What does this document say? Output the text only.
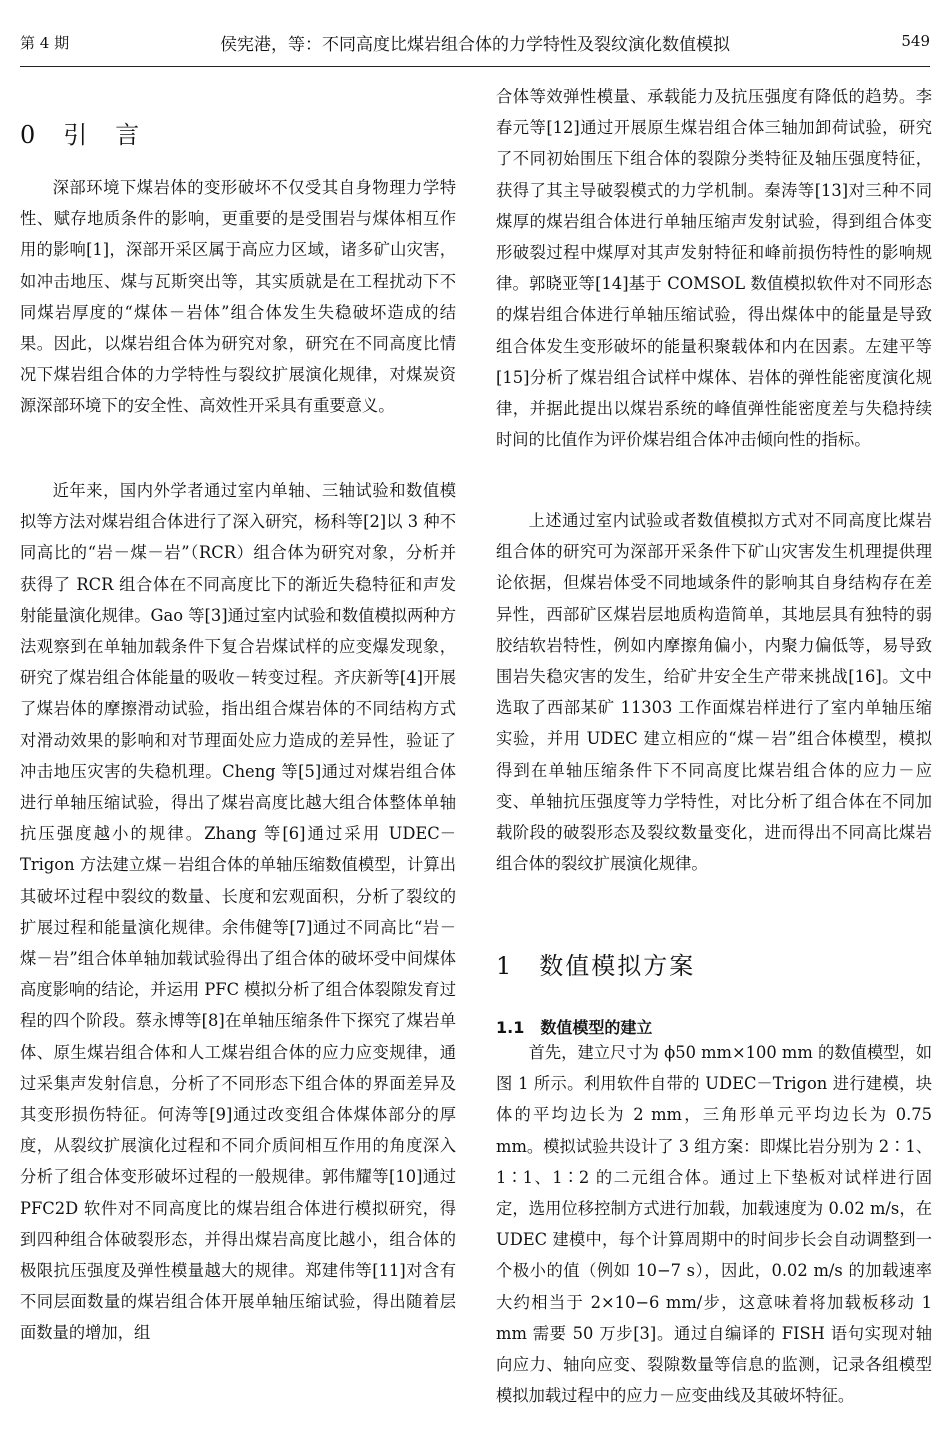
第 4 期	侯宪港，等：不同高度比煤岩组合体的力学特性及裂纹演化数值模拟	549
0　引　言

深部环境下煤岩体的变形破坏不仅受其自身物理力学特性、赋存地质条件的影响，更重要的是受围岩与煤体相互作用的影响[1]，深部开采区属于高应力区域，诸多矿山灾害，如冲击地压、煤与瓦斯突出等，其实质就是在工程扰动下不同煤岩厚度的“煤体－岩体”组合体发生失稳破坏造成的结果。因此，以煤岩组合体为研究对象，研究在不同高度比情况下煤岩组合体的力学特性与裂纹扩展演化规律，对煤炭资源深部环境下的安全性、高效性开采具有重要意义。

近年来，国内外学者通过室内单轴、三轴试验和数值模拟等方法对煤岩组合体进行了深入研究，杨科等[2]以 3 种不同高比的“岩－煤－岩”（RCR）组合体为研究对象，分析并获得了 RCR 组合体在不同高度比下的渐近失稳特征和声发射能量演化规律。Gao 等[3]通过室内试验和数值模拟两种方法观察到在单轴加载条件下复合岩煤试样的应变爆发现象，研究了煤岩组合体能量的吸收－转变过程。齐庆新等[4]开展了煤岩体的摩擦滑动试验，指出组合煤岩体的不同结构方式对滑动效果的影响和对节理面处应力造成的差异性，验证了冲击地压灾害的失稳机理。Cheng 等[5]通过对煤岩组合体进行单轴压缩试验，得出了煤岩高度比越大组合体整体单轴抗压强度越小的规律。Zhang 等[6]通过采用 UDEC－Trigon 方法建立煤－岩组合体的单轴压缩数值模型，计算出其破坏过程中裂纹的数量、长度和宏观面积，分析了裂纹的扩展过程和能量演化规律。余伟健等[7]通过不同高比“岩－煤－岩”组合体单轴加载试验得出了组合体的破坏受中间煤体高度影响的结论，并运用 PFC 模拟分析了组合体裂隙发育过程的四个阶段。蔡永博等[8]在单轴压缩条件下探究了煤岩单体、原生煤岩组合体和人工煤岩组合体的应力应变规律，通过采集声发射信息，分析了不同形态下组合体的界面差异及其变形损伤特征。何涛等[9]通过改变组合体煤体部分的厚度，从裂纹扩展演化过程和不同介质间相互作用的角度深入分析了组合体变形破坏过程的一般规律。郭伟耀等[10]通过 PFC2D 软件对不同高度比的煤岩组合体进行模拟研究，得到四种组合体破裂形态，并得出煤岩高度比越小，组合体的极限抗压强度及弹性模量越大的规律。郑建伟等[11]对含有不同层面数量的煤岩组合体开展单轴压缩试验，得出随着层面数量的增加，组

合体等效弹性模量、承载能力及抗压强度有降低的趋势。李春元等[12]通过开展原生煤岩组合体三轴加卸荷试验，研究了不同初始围压下组合体的裂隙分类特征及轴压强度特征，获得了其主导破裂模式的力学机制。秦涛等[13]对三种不同煤厚的煤岩组合体进行单轴压缩声发射试验，得到组合体变形破裂过程中煤厚对其声发射特征和峰前损伤特性的影响规律。郭晓亚等[14]基于 COMSOL 数值模拟软件对不同形态的煤岩组合体进行单轴压缩试验，得出煤体中的能量是导致组合体发生变形破坏的能量积聚载体和内在因素。左建平等[15]分析了煤岩组合试样中煤体、岩体的弹性能密度演化规律，并据此提出以煤岩系统的峰值弹性能密度差与失稳持续时间的比值作为评价煤岩组合体冲击倾向性的指标。

上述通过室内试验或者数值模拟方式对不同高度比煤岩组合体的研究可为深部开采条件下矿山灾害发生机理提供理论依据，但煤岩体受不同地域条件的影响其自身结构存在差异性，西部矿区煤岩层地质构造简单，其地层具有独特的弱胶结软岩特性，例如内摩擦角偏小，内聚力偏低等，易导致围岩失稳灾害的发生，给矿井安全生产带来挑战[16]。文中选取了西部某矿 11303 工作面煤岩样进行了室内单轴压缩实验，并用 UDEC 建立相应的“煤－岩”组合体模型，模拟得到在单轴压缩条件下不同高度比煤岩组合体的应力－应变、单轴抗压强度等力学特性，对比分析了组合体在不同加载阶段的破裂形态及裂纹数量变化，进而得出不同高比煤岩组合体的裂纹扩展演化规律。

1　数值模拟方案
1.1　数值模型的建立

首先，建立尺寸为 ϕ50 mm×100 mm 的数值模型，如图 1 所示。利用软件自带的 UDEC－Trigon 进行建模，块体的平均边长为 2 mm，三角形单元平均边长为 0.75 mm。模拟试验共设计了 3 组方案：即煤比岩分别为 2∶1、1∶1、1∶2 的二元组合体。通过上下垫板对试样进行固定，选用位移控制方式进行加载，加载速度为 0.02 m/s，在 UDEC 建模中，每个计算周期中的时间步长会自动调整到一个极小的值（例如 10−7 s），因此，0.02 m/s 的加载速率大约相当于 2×10−6 mm/步，这意味着将加载板移动 1 mm 需要 50 万步[3]。通过自编译的 FISH 语句实现对轴向应力、轴向应变、裂隙数量等信息的监测，记录各组模型模拟加载过程中的应力－应变曲线及其破坏特征。
